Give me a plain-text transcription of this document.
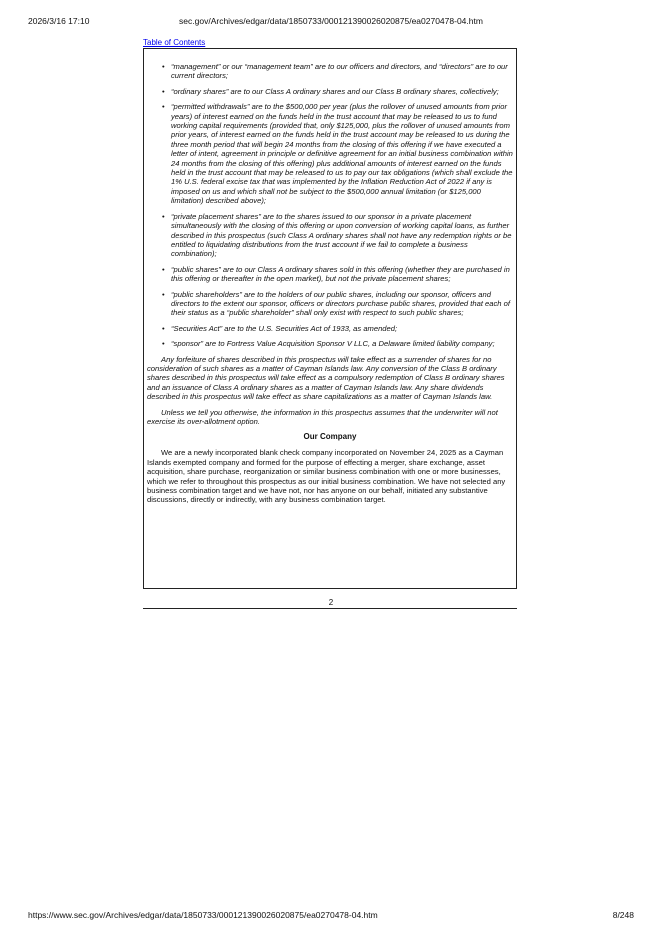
2026/3/16 17:10	sec.gov/Archives/edgar/data/1850733/000121390026020875/ea0270478-04.htm
Table of Contents
• “management” or our “management team” are to our officers and directors, and “directors” are to our current directors;
• “ordinary shares” are to our Class A ordinary shares and our Class B ordinary shares, collectively;
• “permitted withdrawals” are to the $500,000 per year (plus the rollover of unused amounts from prior years) of interest earned on the funds held in the trust account that may be released to us to fund working capital requirements (provided that, only $125,000, plus the rollover of unused amounts from prior years, of interest earned on the funds held in the trust account may be released to us during the three month period that will begin 24 months from the closing of this offering if we have executed a letter of intent, agreement in principle or definitive agreement for an initial business combination within 24 months from the closing of this offering) plus additional amounts of interest earned on the funds held in the trust account that may be released to us to pay our tax obligations (which shall exclude the 1% U.S. federal excise tax that was implemented by the Inflation Reduction Act of 2022 if any is imposed on us and which shall not be subject to the $500,000 annual limitation (or $125,000 limitation) described above);
• “private placement shares” are to the shares issued to our sponsor in a private placement simultaneously with the closing of this offering or upon conversion of working capital loans, as further described in this prospectus (such Class A ordinary shares shall not have any redemption rights or be entitled to liquidating distributions from the trust account if we fail to complete a business combination);
• “public shares” are to our Class A ordinary shares sold in this offering (whether they are purchased in this offering or thereafter in the open market), but not the private placement shares;
• “public shareholders” are to the holders of our public shares, including our sponsor, officers and directors to the extent our sponsor, officers or directors purchase public shares, provided that each of their status as a “public shareholder” shall only exist with respect to such public shares;
• “Securities Act” are to the U.S. Securities Act of 1933, as amended;
• “sponsor” are to Fortress Value Acquisition Sponsor V LLC, a Delaware limited liability company;

Any forfeiture of shares described in this prospectus will take effect as a surrender of shares for no consideration of such shares as a matter of Cayman Islands law. Any conversion of the Class B ordinary shares described in this prospectus will take effect as a compulsory redemption of Class B ordinary shares and an issuance of Class A ordinary shares as a matter of Cayman Islands law. Any share dividends described in this prospectus will take effect as share capitalizations as a matter of Cayman Islands law.

Unless we tell you otherwise, the information in this prospectus assumes that the underwriter will not exercise its over-allotment option.

Our Company

We are a newly incorporated blank check company incorporated on November 24, 2025 as a Cayman Islands exempted company and formed for the purpose of effecting a merger, share exchange, asset acquisition, share purchase, reorganization or similar business combination with one or more businesses, which we refer to throughout this prospectus as our initial business combination. We have not selected any business combination target and we have not, nor has anyone on our behalf, initiated any substantive discussions, directly or indirectly, with any business combination target.

2
https://www.sec.gov/Archives/edgar/data/1850733/000121390026020875/ea0270478-04.htm	8/248
